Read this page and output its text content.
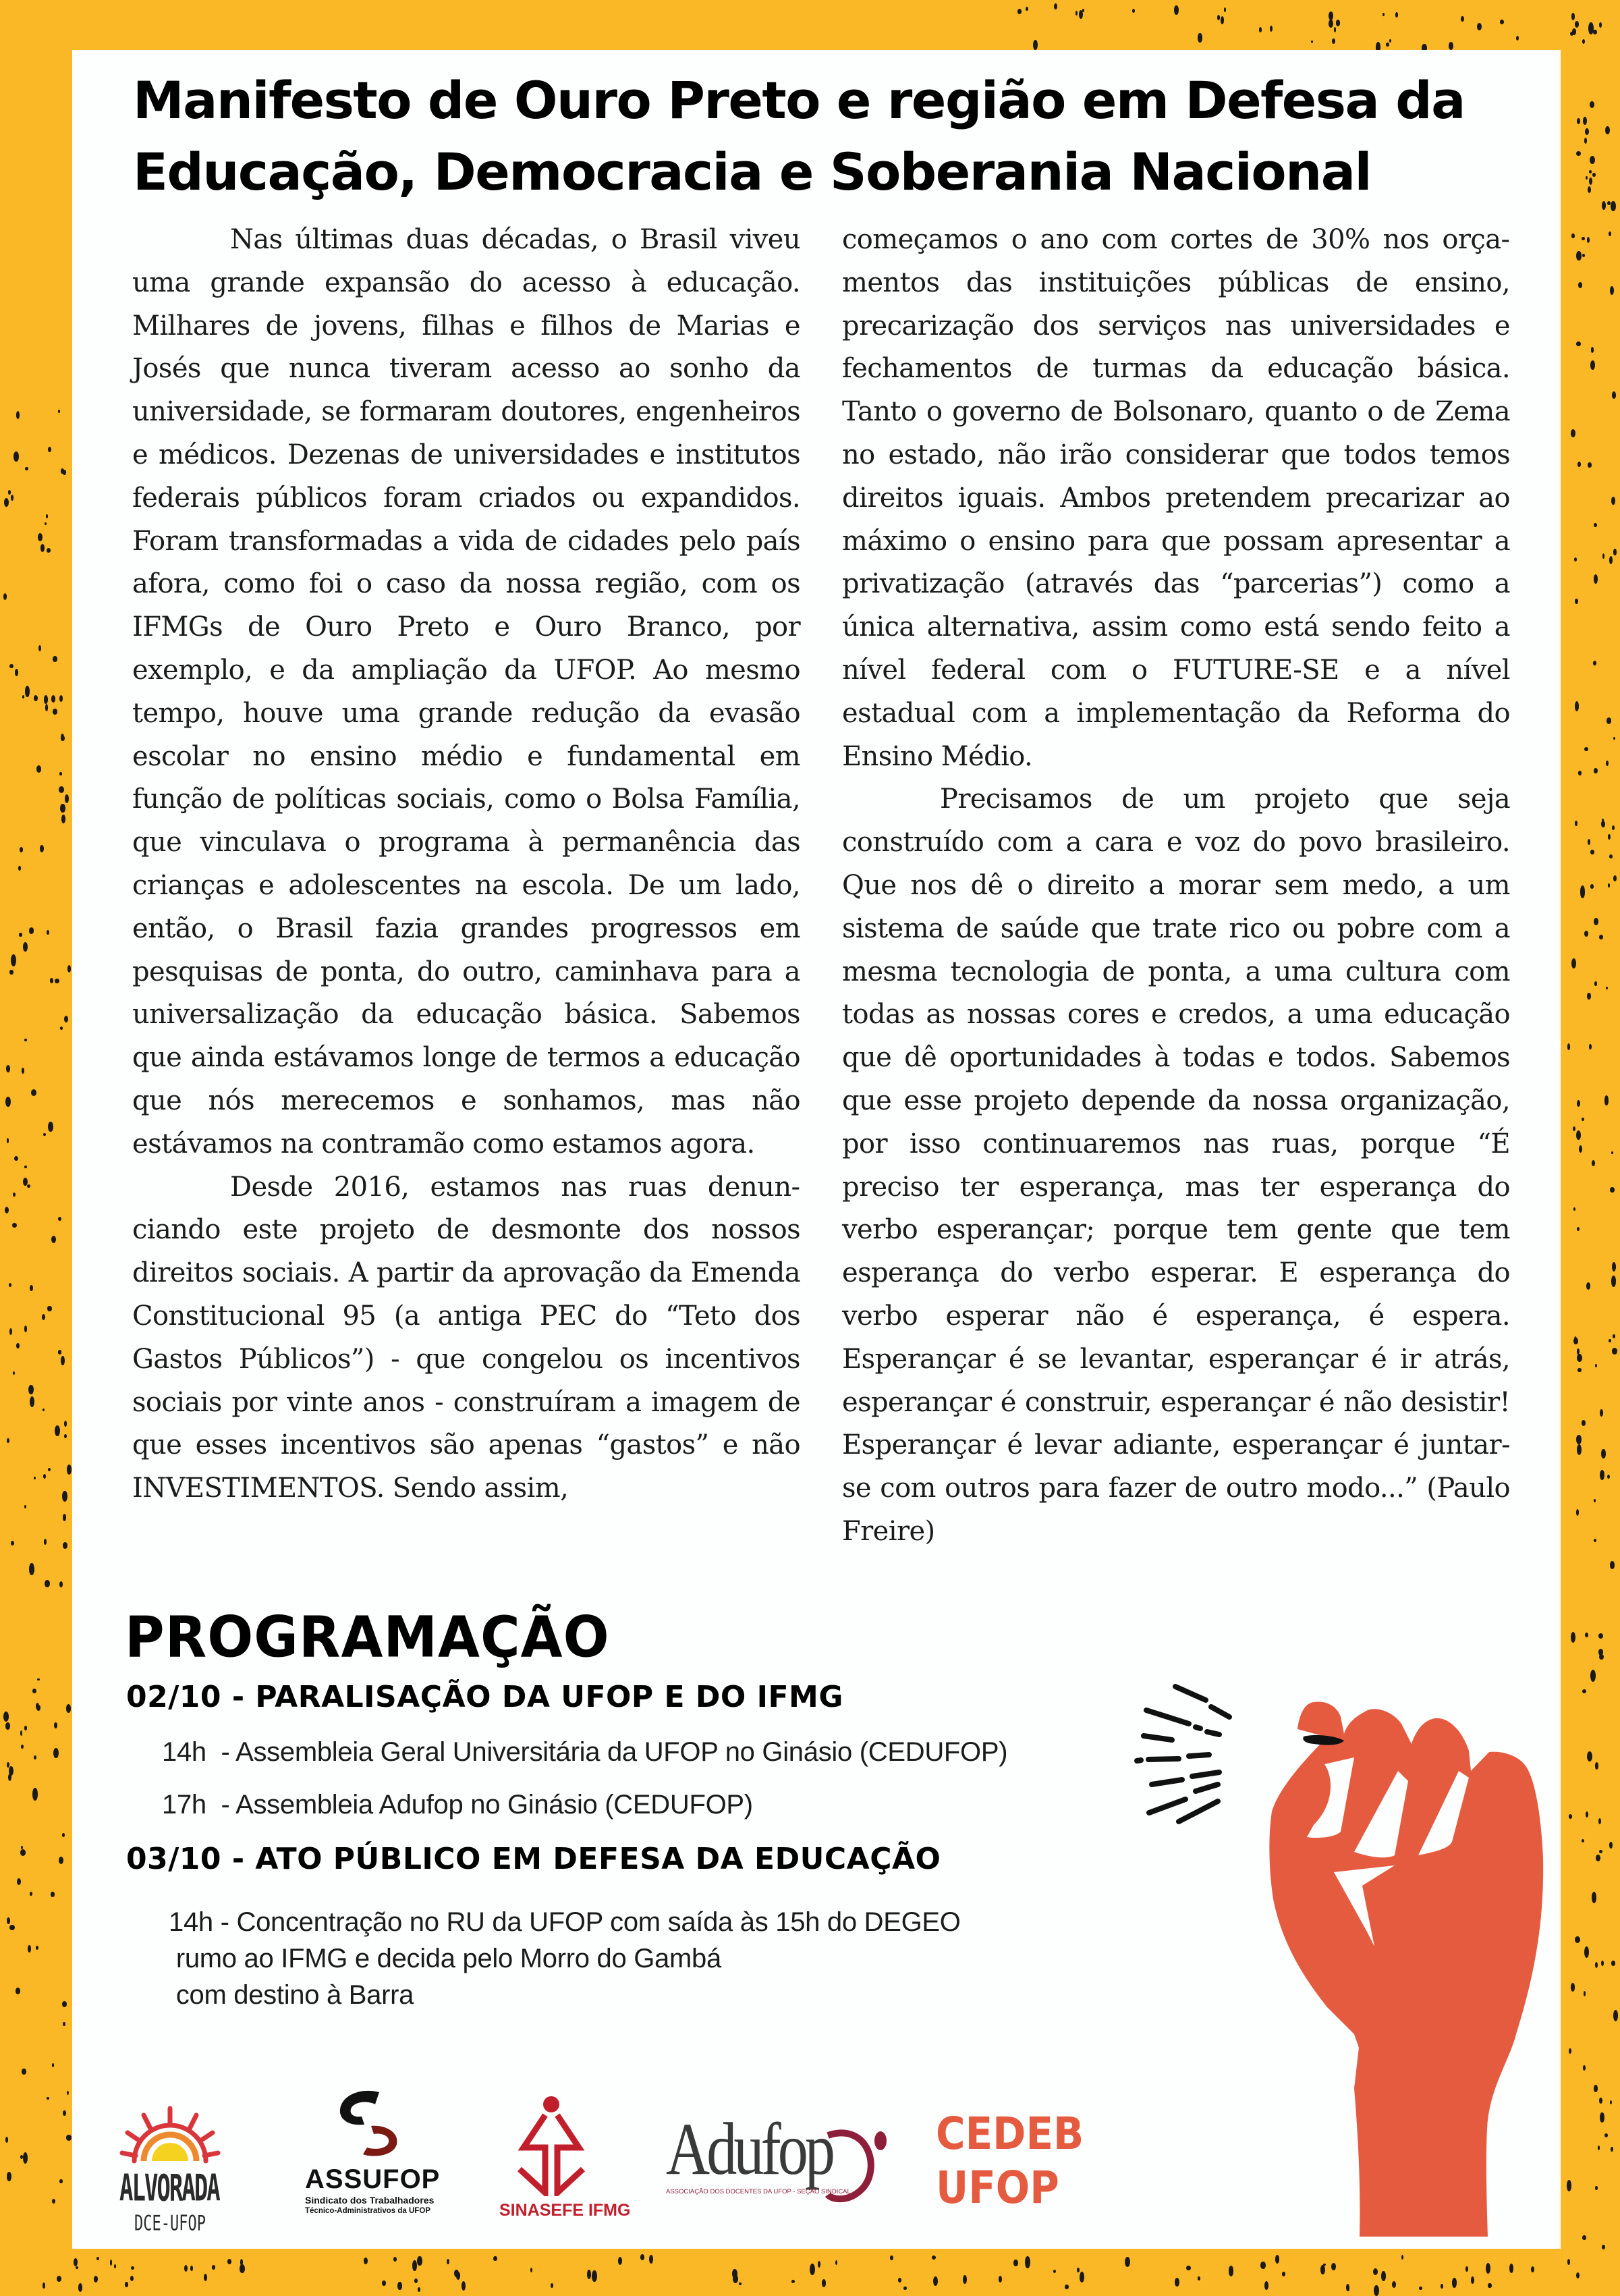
Manifesto de Ouro Preto e região em Defesa da
Educação, Democracia e Soberania Nacional

Nas últimas duas décadas, o Brasil viveu uma grande expansão do acesso à educação. Milhares de jovens, filhas e filhos de Marias e Josés que nunca tiveram acesso ao sonho da universidade, se formaram doutores, engenheiros e médicos. Dezenas de universidades e institutos federais públicos foram criados ou expandidos. Foram transformadas a vida de cidades pelo país afora, como foi o caso da nossa região, com os IFMGs de Ouro Preto e Ouro Branco, por exemplo, e da ampliação da UFOP. Ao mesmo tempo, houve uma grande redução da evasão escolar no ensino médio e fundamental em função de políticas sociais, como o Bolsa Família, que vinculava o programa à permanência das crianças e adolescentes na escola. De um lado, então, o Brasil fazia grandes progressos em pesquisas de ponta, do outro, caminhava para a universalização da educação básica. Sabemos que ainda estávamos longe de termos a educação que nós merecemos e sonhamos, mas não estávamos na contramão como estamos agora.

Desde 2016, estamos nas ruas denunciando este projeto de desmonte dos nossos direitos sociais. A partir da aprovação da Emenda Constitucional 95 (a antiga PEC do “Teto dos Gastos Públicos”) - que congelou os incentivos sociais por vinte anos - construíram a imagem de que esses incentivos são apenas “gastos” e não INVESTIMENTOS. Sendo assim,

começamos o ano com cortes de 30% nos orçamentos das instituições públicas de ensino, precarização dos serviços nas universidades e fechamentos de turmas da educação básica. Tanto o governo de Bolsonaro, quanto o de Zema no estado, não irão considerar que todos temos direitos iguais. Ambos pretendem precarizar ao máximo o ensino para que possam apresentar a privatização (através das “parcerias”) como a única alternativa, assim como está sendo feito a nível federal com o FUTURE-SE e a nível estadual com a implementação da Reforma do Ensino Médio.

Precisamos de um projeto que seja construído com a cara e voz do povo brasileiro. Que nos dê o direito a morar sem medo, a um sistema de saúde que trate rico ou pobre com a mesma tecnologia de ponta, a uma cultura com todas as nossas cores e credos, a uma educação que dê oportunidades à todas e todos. Sabemos que esse projeto depende da nossa organização, por isso continuaremos nas ruas, porque “É preciso ter esperança, mas ter esperança do verbo esperançar; porque tem gente que tem esperança do verbo esperar. E esperança do verbo esperar não é esperança, é espera. Esperançar é se levantar, esperançar é ir atrás, esperançar é construir, esperançar é não desistir! Esperançar é levar adiante, esperançar é juntar-se com outros para fazer de outro modo...” (Paulo Freire)

PROGRAMAÇÃO
02/10 - PARALISAÇÃO DA UFOP E DO IFMG

14h  - Assembleia Geral Universitária da UFOP no Ginásio (CEDUFOP)

17h  - Assembleia Adufop no Ginásio (CEDUFOP)

03/10 - ATO PÚBLICO EM DEFESA DA EDUCAÇÃO

14h - Concentração no RU da UFOP com saída às 15h do DEGEO

rumo ao IFMG e decida pelo Morro do Gambá

com destino à Barra

ALVORADA
DCE-UFOP
ASSUFOP
Sindicato dos Trabalhadores
Técnico-Administrativos da UFOP	SINASEFE IFMG
Adufop
ASSOCIAÇÃO DOS DOCENTES DA UFOP - SEÇÃO SINDICAL
CEDEB
UFOP
